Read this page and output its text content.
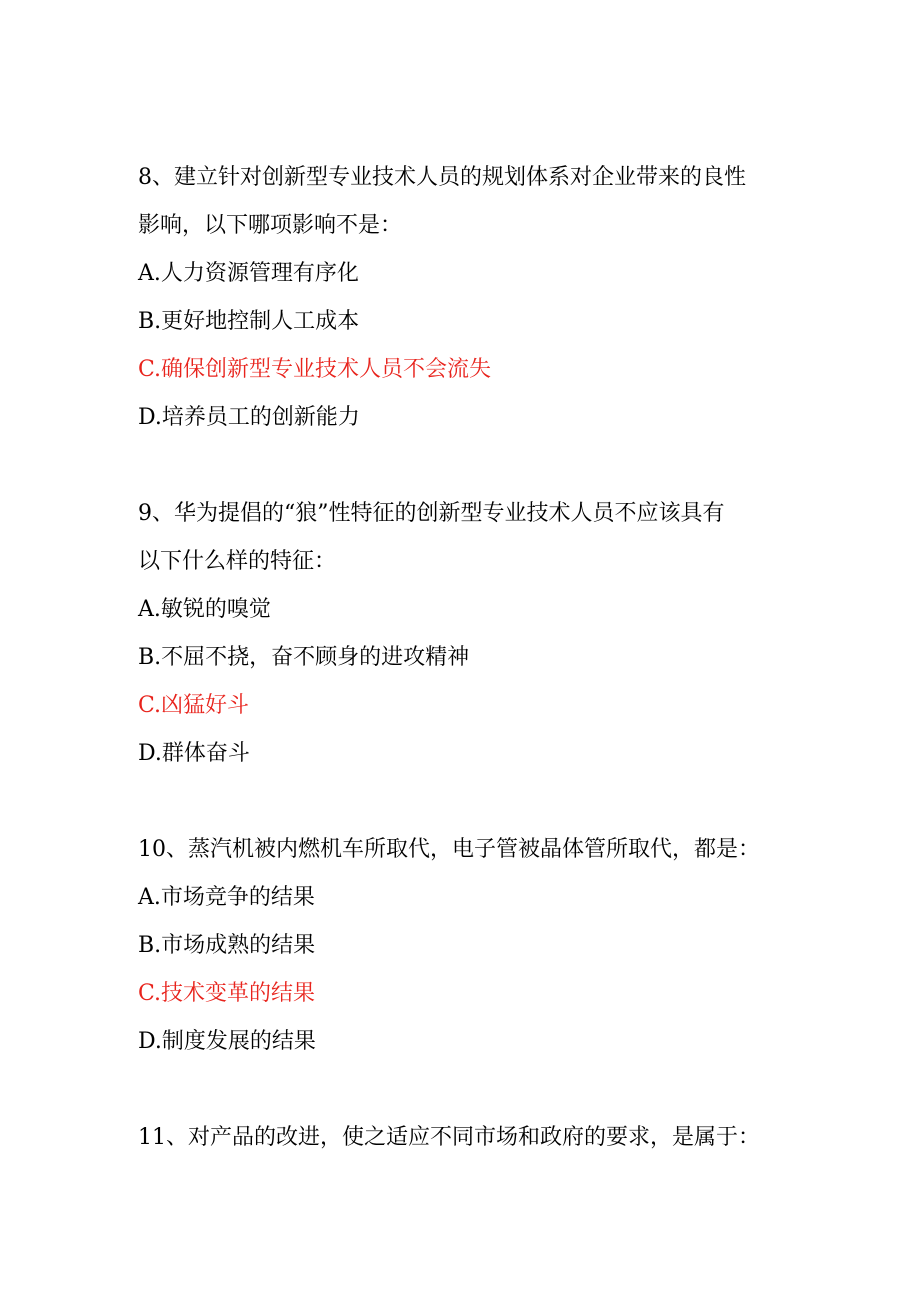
8、建立针对创新型专业技术人员的规划体系对企业带来的良性

影响，以下哪项影响不是：

A.人力资源管理有序化

B.更好地控制人工成本

C.确保创新型专业技术人员不会流失

D.培养员工的创新能力

9、华为提倡的“狼”性特征的创新型专业技术人员不应该具有

以下什么样的特征：

A.敏锐的嗅觉

B.不屈不挠，奋不顾身的进攻精神

C.凶猛好斗

D.群体奋斗

10、蒸汽机被内燃机车所取代，电子管被晶体管所取代，都是：

A.市场竞争的结果

B.市场成熟的结果

C.技术变革的结果

D.制度发展的结果

11、对产品的改进，使之适应不同市场和政府的要求，是属于：
